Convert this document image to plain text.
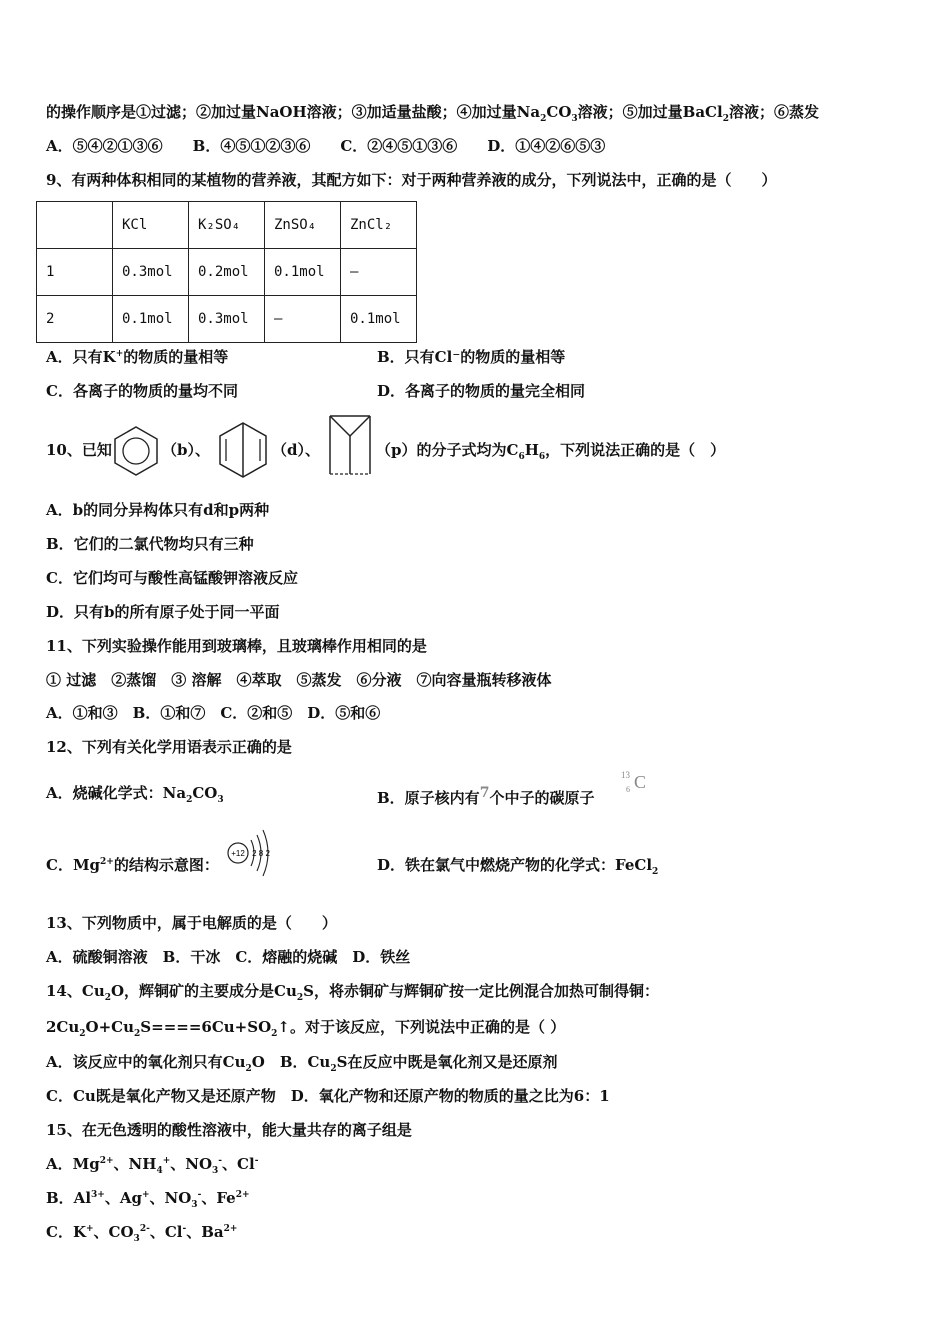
的操作顺序是①过滤；②加过量NaOH溶液；③加适量盐酸；④加过量$Na_2CO_3$溶液；⑤加过量BaCl$_2$溶液；⑥蒸发
A．⑤④②①③⑥　　B．④⑤①②③⑥　　C．②④⑤①③⑥　　D．①④②⑥⑤③
9、有两种体积相同的某植物的营养液，其配方如下：对于两种营养液的成分，下列说法中，正确的是（　　）
	KCl	K₂SO₄	ZnSO₄	ZnCl₂
1	0.3mol	0.2mol	0.1mol	—
2	0.1mol	0.3mol	—	0.1mol
A．只有K+的物质的量相等	B．只有Cl⁻的物质的量相等
C．各离子的物质的量均不同	D．各离子的物质的量完全相同
10、已知	（b）、	（d）、	（p）的分子式均为$C_6H_6$，下列说法正确的是（　）
A．b的同分异构体只有d和p两种
B．它们的二氯代物均只有三种
C．它们均可与酸性高锰酸钾溶液反应
D．只有b的所有原子处于同一平面
11、下列实验操作能用到玻璃棒，且玻璃棒作用相同的是
① 过滤　②蒸馏　③ 溶解　④萃取　⑤蒸发　⑥分液　⑦向容量瓶转移液体
A．①和③　B．①和⑦　C．②和⑤　D．⑤和⑥
12、下列有关化学用语表示正确的是
A．烧碱化学式：$Na_2CO_3$	B．原子核内有7个中子的碳原子
13
6 C
C．$Mg^{2+}$的结构示意图：
+12 2 8 2
D．铁在氯气中燃烧产物的化学式：FeCl$_2$
13、下列物质中，属于电解质的是（　　）
A．硫酸铜溶液　B．干冰　C．熔融的烧碱　D．铁丝
14、$Cu_2O$，辉铜矿的主要成分是$Cu_2S$，将赤铜矿与辉铜矿按一定比例混合加热可制得铜：
$2Cu_2O+Cu_2S====6Cu+SO_2↑$。对于该反应，下列说法中正确的是（ ）
A．该反应中的氧化剂只有$Cu_2O$　B．$Cu_2S$在反应中既是氧化剂又是还原剂
C．Cu既是氧化产物又是还原产物　D．氧化产物和还原产物的物质的量之比为6：1
15、在无色透明的酸性溶液中，能大量共存的离子组是
A．$Mg^{2+}$、$NH_4^+$、$NO_3^-$、Cl-
B．$Al^{3+}$、Ag+、$NO_3^-$、$Fe^{2+}$
C．K+、$CO_3^{2-}$、Cl-、$Ba^{2+}$
